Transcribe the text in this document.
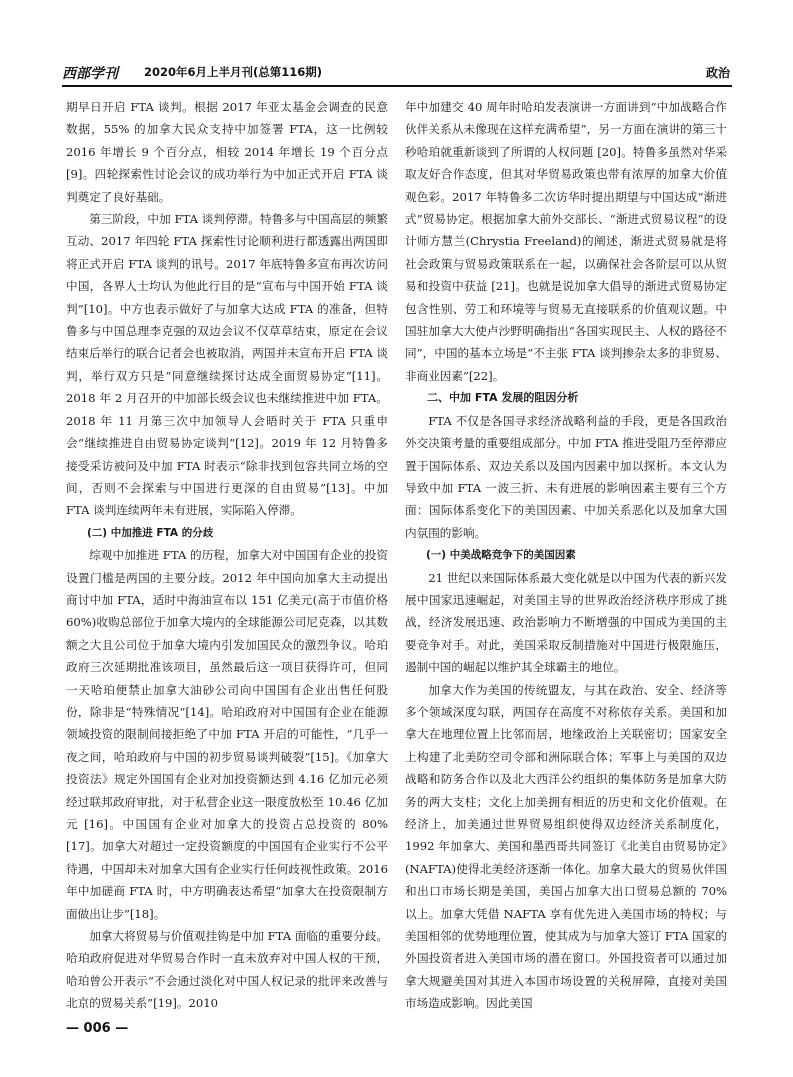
西部学刊 2020年6月上半月刊(总第116期)	政治

期早日开启 FTA 谈判。根据 2017 年亚太基金会调查的民意数据，55% 的加拿大民众支持中加签署 FTA，这一比例较 2016 年增长 9 个百分点，相较 2014 年增长 19 个百分点 [9]。四轮探索性讨论会议的成功举行为中加正式开启 FTA 谈判奠定了良好基础。

第三阶段，中加 FTA 谈判停滞。特鲁多与中国高层的频繁互动、2017 年四轮 FTA 探索性讨论顺利进行都透露出两国即将正式开启 FTA 谈判的讯号。2017 年底特鲁多宣布再次访问中国，各界人士均认为他此行目的是“宣布与中国开始 FTA 谈判”[10]。中方也表示做好了与加拿大达成 FTA 的准备，但特鲁多与中国总理李克强的双边会议不仅草草结束，原定在会议结束后举行的联合记者会也被取消，两国并未宣布开启 FTA 谈判，举行双方只是“同意继续探讨达成全面贸易协定”[11]。2018 年 2 月召开的中加部长级会议也未继续推进中加 FTA。2018 年 11 月第三次中加领导人会晤时关于 FTA 只重申会“继续推进自由贸易协定谈判”[12]。2019 年 12 月特鲁多接受采访被问及中加 FTA 时表示“除非找到包容共同立场的空间，否则不会探索与中国进行更深的自由贸易”[13]。中加 FTA 谈判连续两年未有进展，实际陷入停滞。

(二) 中加推进 FTA 的分歧

综观中加推进 FTA 的历程，加拿大对中国国有企业的投资设置门槛是两国的主要分歧。2012 年中国向加拿大主动提出商讨中加 FTA，适时中海油宣布以 151 亿美元(高于市值价格 60%)收购总部位于加拿大境内的全球能源公司尼克森，以其数额之大且公司位于加拿大境内引发加国民众的激烈争议。哈珀政府三次延期批准该项目，虽然最后这一项目获得许可，但同一天哈珀便禁止加拿大油砂公司向中国国有企业出售任何股份，除非是“特殊情况”[14]。哈珀政府对中国国有企业在能源领域投资的限制间接拒绝了中加 FTA 开启的可能性，“几乎一夜之间，哈珀政府与中国的初步贸易谈判破裂”[15]。《加拿大投资法》规定外国国有企业对加投资额达到 4.16 亿加元必须经过联邦政府审批，对于私营企业这一限度放松至 10.46 亿加元 [16]。中国国有企业对加拿大的投资占总投资的 80%[17]。加拿大对超过一定投资额度的中国国有企业实行不公平待遇，中国却未对加拿大国有企业实行任何歧视性政策。2016 年中加磋商 FTA 时，中方明确表达希望“加拿大在投资限制方面做出让步”[18]。

加拿大将贸易与价值观挂钩是中加 FTA 面临的重要分歧。哈珀政府促进对华贸易合作时一直未放弃对中国人权的干预，哈珀曾公开表示“不会通过淡化对中国人权记录的批评来改善与北京的贸易关系”[19]。2010

年中加建交 40 周年时哈珀发表演讲一方面讲到“中加战略合作伙伴关系从未像现在这样充满希望”，另一方面在演讲的第三十秒哈珀就重新谈到了所谓的人权问题 [20]。特鲁多虽然对华采取友好合作态度，但其对华贸易政策也带有浓厚的加拿大价值观色彩。2017 年特鲁多二次访华时提出期望与中国达成“渐进式”贸易协定。根据加拿大前外交部长、“渐进式贸易议程”的设计师方慧兰(Chrystia Freeland)的阐述，渐进式贸易就是将社会政策与贸易政策联系在一起，以确保社会各阶层可以从贸易和投资中获益 [21]。也就是说加拿大倡导的渐进式贸易协定包含性别、劳工和环境等与贸易无直接联系的价值观议题。中国驻加拿大大使卢沙野明确指出“各国实现民主、人权的路径不同”，中国的基本立场是“不主张 FTA 谈判掺杂太多的非贸易、非商业因素”[22]。

二、中加 FTA 发展的阻因分析

FTA 不仅是各国寻求经济战略利益的手段，更是各国政治外交决策考量的重要组成部分。中加 FTA 推进受阻乃至停滞应置于国际体系、双边关系以及国内因素中加以探析。本文认为导致中加 FTA 一波三折、未有进展的影响因素主要有三个方面：国际体系变化下的美国因素、中加关系恶化以及加拿大国内氛围的影响。

(一) 中美战略竞争下的美国因素

21 世纪以来国际体系最大变化就是以中国为代表的新兴发展中国家迅速崛起，对美国主导的世界政治经济秩序形成了挑战，经济发展迅速、政治影响力不断增强的中国成为美国的主要竞争对手。对此，美国采取反制措施对中国进行极限施压，遏制中国的崛起以维护其全球霸主的地位。

加拿大作为美国的传统盟友，与其在政治、安全、经济等多个领域深度勾联，两国存在高度不对称依存关系。美国和加拿大在地理位置上比邻而居，地缘政治上关联密切；国家安全上构建了北美防空司令部和洲际联合体；军事上与美国的双边战略和防务合作以及北大西洋公约组织的集体防务是加拿大防务的两大支柱；文化上加美拥有相近的历史和文化价值观。在经济上，加美通过世界贸易组织使得双边经济关系制度化，1992 年加拿大、美国和墨西哥共同签订《北美自由贸易协定》(NAFTA)使得北美经济逐渐一体化。加拿大最大的贸易伙伴国和出口市场长期是美国，美国占加拿大出口贸易总额的 70% 以上。加拿大凭借 NAFTA 享有优先进入美国市场的特权；与美国相邻的优势地理位置，使其成为与加拿大签订 FTA 国家的外国投资者进入美国市场的潜在窗口。外国投资者可以通过加拿大规避美国对其进入本国市场设置的关税屏障，直接对美国市场造成影响。因此美国

— 006 —
